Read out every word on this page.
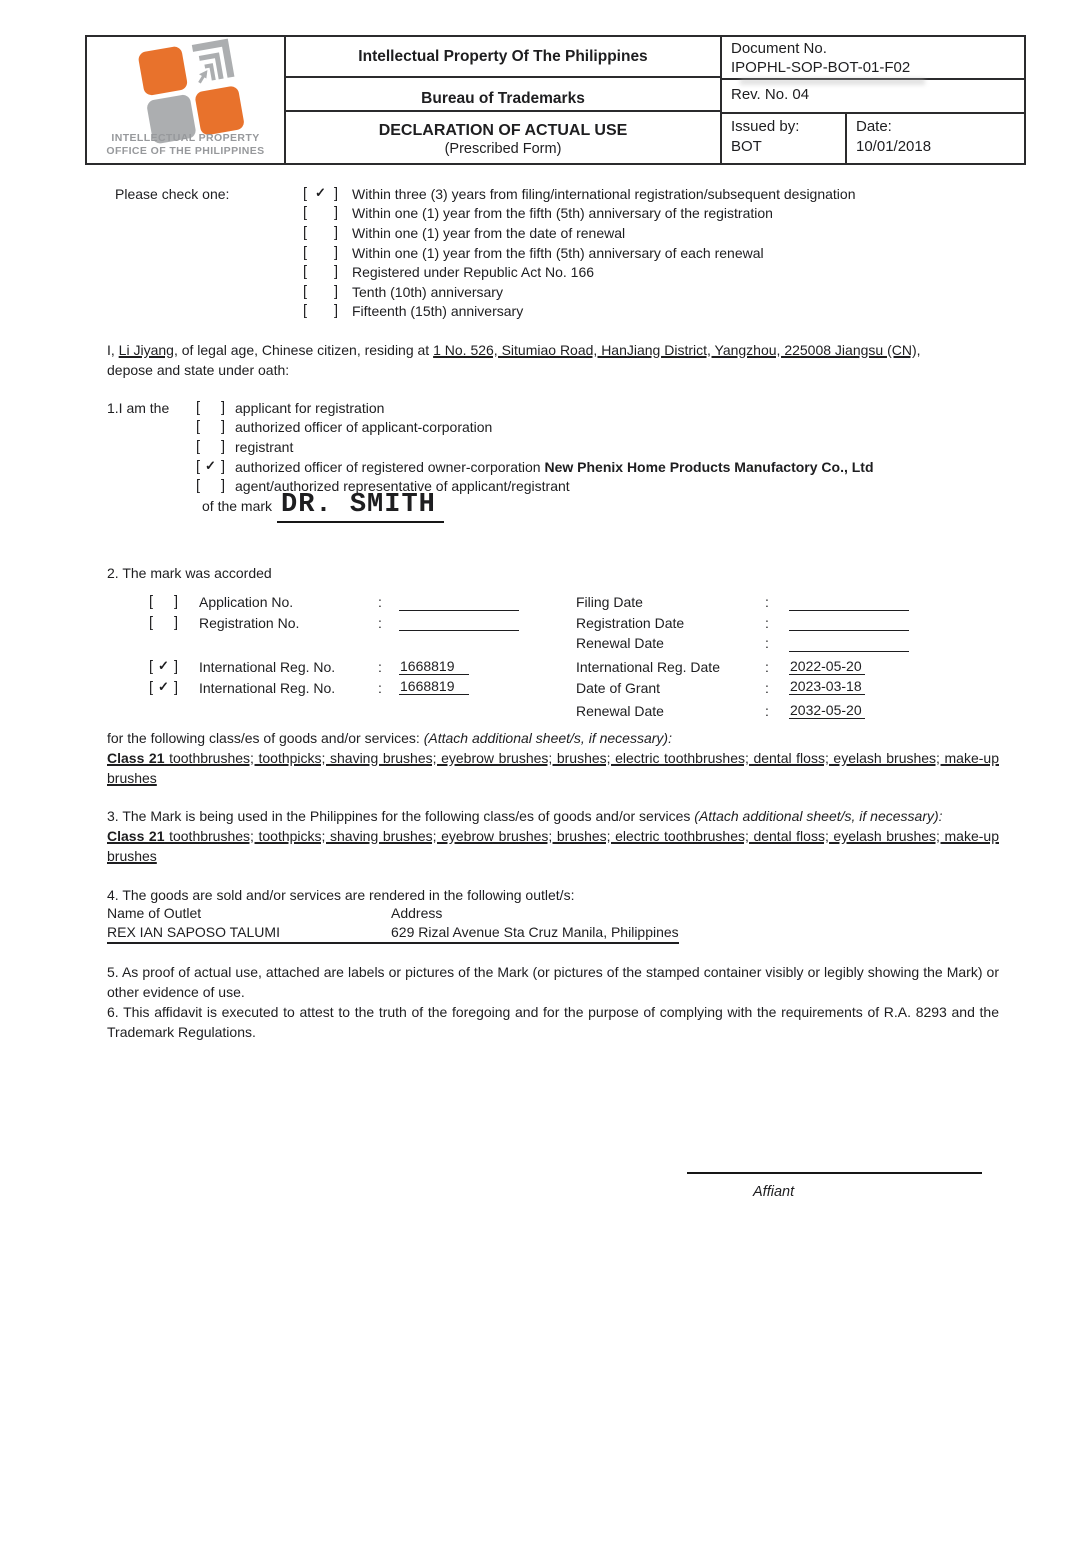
INTELLECTUAL PROPERTY
OFFICE OF THE PHILIPPINES
Intellectual Property Of The Philippines
Bureau of Trademarks
DECLARATION OF ACTUAL USE
(Prescribed Form)
Document No.
IPOPHL-SOP-BOT-01-F02
Rev. No. 04
Issued by:
BOT
Date:
10/01/2018
Please check one:	[ ✓ ] Within three (3) years from filing/international registration/subsequent designation
[ ] Within one (1) year from the fifth (5th) anniversary of the registration
[ ] Within one (1) year from the date of renewal
[ ] Within one (1) year from the fifth (5th) anniversary of each renewal
[ ] Registered under Republic Act No. 166
[ ] Tenth (10th) anniversary
[ ] Fifteenth (15th) anniversary
I, Li Jiyang, of legal age, Chinese citizen, residing at 1 No. 526, Situmiao Road, HanJiang District, Yangzhou, 225008 Jiangsu (CN),
depose and state under oath:
1.I am the [ ] applicant for registration
[ ] authorized officer of applicant-corporation
[ ] registrant
[ ✓ ] authorized officer of registered owner-corporation New Phenix Home Products Manufactory Co., Ltd
[ ] agent/authorized representative of applicant/registrant
of the mark DR. SMITH
2. The mark was accorded
[ ] Application No.	:	Filing Date	:
[ ] Registration No.	:	Registration Date	:
Renewal Date	:
[ ✓ ] International Reg. No.	:	1668819	International Reg. Date	:	2022-05-20
[ ✓ ] International Reg. No.	:	1668819	Date of Grant	:	2023-03-18
Renewal Date	:	2032-05-20
for the following class/es of goods and/or services: (Attach additional sheet/s, if necessary):
Class 21 toothbrushes; toothpicks; shaving brushes; eyebrow brushes; brushes; electric toothbrushes; dental floss; eyelash brushes; make-up brushes
3. The Mark is being used in the Philippines for the following class/es of goods and/or services (Attach additional sheet/s, if necessary):
Class 21 toothbrushes; toothpicks; shaving brushes; eyebrow brushes; brushes; electric toothbrushes; dental floss; eyelash brushes; make-up brushes
4. The goods are sold and/or services are rendered in the following outlet/s:
Name of Outlet	Address
REX IAN SAPOSO TALUMI	629 Rizal Avenue Sta Cruz Manila, Philippines
5. As proof of actual use, attached are labels or pictures of the Mark (or pictures of the stamped container visibly or legibly showing the Mark) or other evidence of use.
6. This affidavit is executed to attest to the truth of the foregoing and for the purpose of complying with the requirements of R.A. 8293 and the Trademark Regulations.
Affiant
